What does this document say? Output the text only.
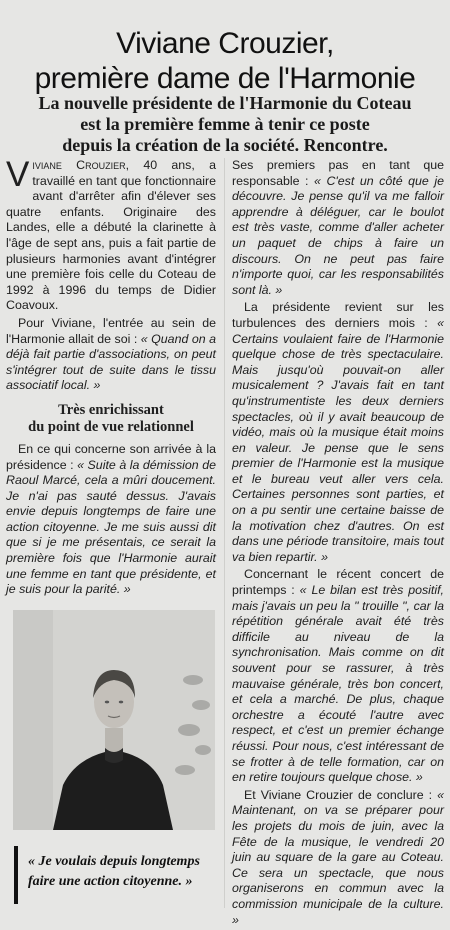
Viviane Crouzier,
première dame de l'Harmonie
La nouvelle présidente de l'Harmonie du Coteau
est la première femme à tenir ce poste
depuis la création de la société. Rencontre.

Viviane Crouzier, 40 ans, a travaillé en tant que fonctionnaire avant d'arrêter afin d'élever ses quatre enfants. Originaire des Landes, elle a débuté la clarinette à l'âge de sept ans, puis a fait partie de plusieurs harmonies avant d'intégrer une première fois celle du Coteau de 1992 à 1996 du temps de Didier Coavoux.

Pour Viviane, l'entrée au sein de l'Harmonie allait de soi : « Quand on a déjà fait partie d'associations, on peut s'intégrer tout de suite dans le tissu associatif local. »

Très enrichissant
du point de vue relationnel

En ce qui concerne son arrivée à la présidence : « Suite à la démission de Raoul Marcé, cela a mûri doucement. Je n'ai pas sauté dessus. J'avais envie depuis longtemps de faire une action citoyenne. Je me suis aussi dit que si je me présentais, ce serait la première fois que l'Harmonie aurait une femme en tant que présidente, et je suis pour la parité. »

« Je voulais depuis longtemps
faire une action citoyenne. »

Ses premiers pas en tant que responsable : « C'est un côté que je découvre. Je pense qu'il va me falloir apprendre à déléguer, car le boulot est très vaste, comme d'aller acheter un paquet de chips à faire un discours. On ne peut pas faire n'importe quoi, car les responsabilités sont là. »

La présidente revient sur les turbulences des derniers mois : « Certains voulaient faire de l'Harmonie quelque chose de très spectaculaire. Mais jusqu'où pouvait-on aller musicalement ? J'avais fait en tant qu'instrumentiste les deux derniers spectacles, où il y avait beaucoup de vidéo, mais où la musique était moins en valeur. Je pense que le sens premier de l'Harmonie est la musique et le bureau veut aller vers cela. Certaines personnes sont parties, et on a pu sentir une certaine baisse de la motivation chez d'autres. On est dans une période transitoire, mais tout va bien repartir. »

Concernant le récent concert de printemps : « Le bilan est très positif, mais j'avais un peu la " trouille ", car la répétition générale avait été très difficile au niveau de la synchronisation. Mais comme on dit souvent pour se rassurer, à très mauvaise générale, très bon concert, et cela a marché. De plus, chaque orchestre a écouté l'autre avec respect, et c'est un premier échange réussi. Pour nous, c'est intéressant de se frotter à de telle formation, car on en retire toujours quelque chose. »

Et Viviane Crouzier de conclure : « Maintenant, on va se préparer pour les projets du mois de juin, avec la Fête de la musique, le vendredi 20 juin au square de la gare au Coteau. Ce sera un spectacle, que nous organiserons en commun avec la commission municipale de la culture. »
